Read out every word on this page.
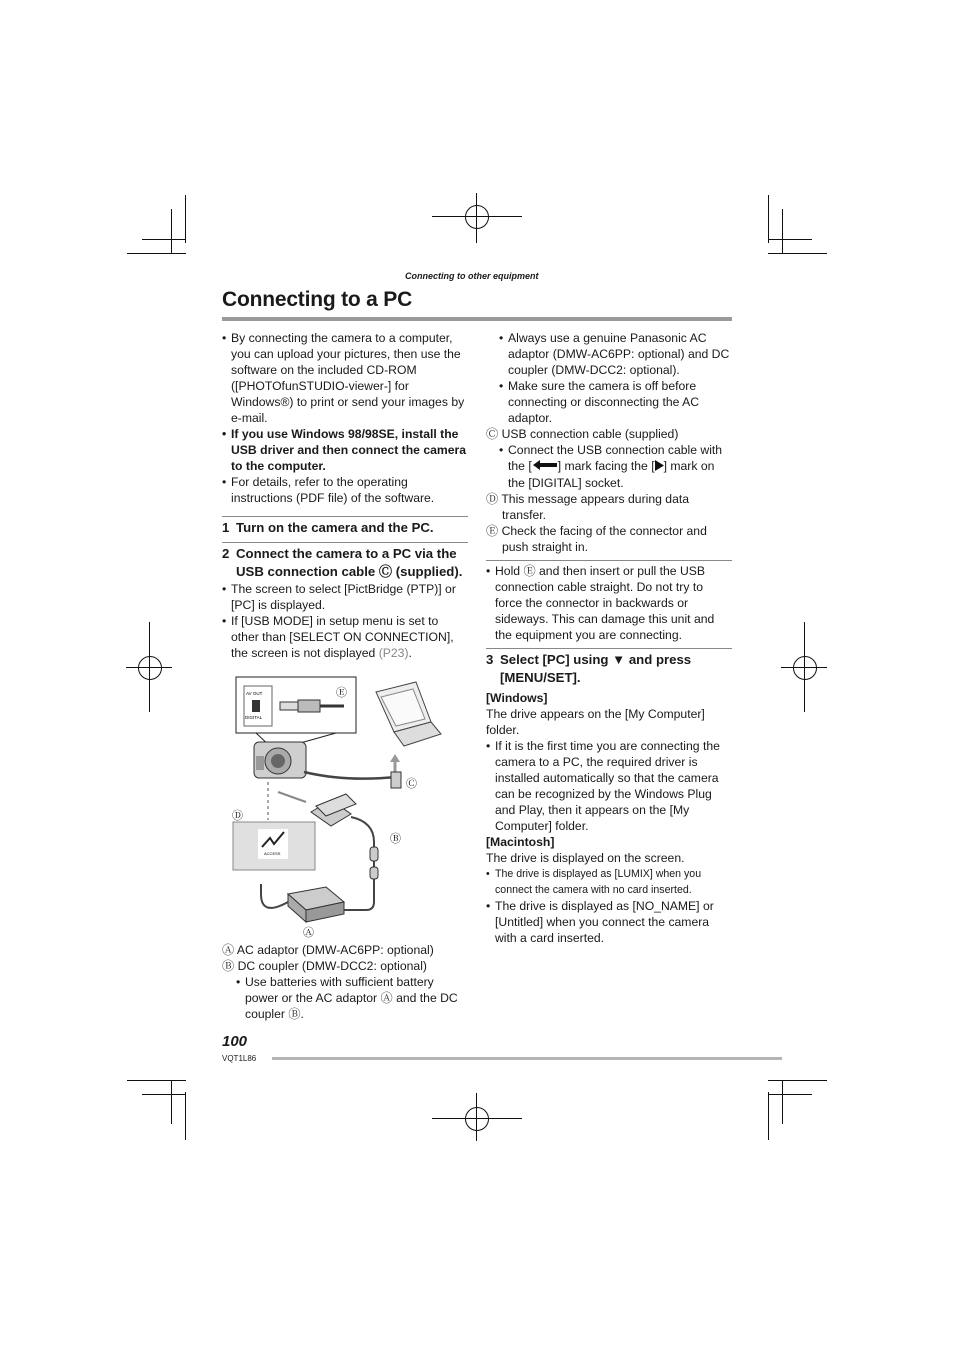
Connecting to other equipment
Connecting to a PC

• By connecting the camera to a computer, you can upload your pictures, then use the software on the included CD-ROM ([PHOTOfunSTUDIO-viewer-] for Windows®) to print or send your images by e-mail.

• If you use Windows 98/98SE, install the USB driver and then connect the camera to the computer.

• For details, refer to the operating instructions (PDF file) of the software.

1 Turn on the camera and the PC.

2 Connect the camera to a PC via the USB connection cable Ⓒ (supplied).

• The screen to select [PictBridge (PTP)] or [PC] is displayed.

• If [USB MODE] in setup menu is set to other than [SELECT ON CONNECTION], the screen is not displayed (P23).

AV OUT
DIGITAL
ACCESS
Ⓔ
Ⓒ
Ⓓ
Ⓑ
Ⓐ

Ⓐ AC adaptor (DMW-AC6PP: optional)

Ⓑ DC coupler (DMW-DCC2: optional)

• Use batteries with sufficient battery power or the AC adaptor Ⓐ and the DC coupler Ⓑ.

• Always use a genuine Panasonic AC adaptor (DMW-AC6PP: optional) and DC coupler (DMW-DCC2: optional).

• Make sure the camera is off before connecting or disconnecting the AC adaptor.

Ⓒ USB connection cable (supplied)

• Connect the USB connection cable with the [ ] mark facing the [ ] mark on the [DIGITAL] socket.

Ⓓ This message appears during data transfer.

Ⓔ Check the facing of the connector and push straight in.

• Hold Ⓔ and then insert or pull the USB connection cable straight. Do not try to force the connector in backwards or sideways. This can damage this unit and the equipment you are connecting.

3 Select [PC] using ▼ and press [MENU/SET].

[Windows]

The drive appears on the [My Computer] folder.

• If it is the first time you are connecting the camera to a PC, the required driver is installed automatically so that the camera can be recognized by the Windows Plug and Play, then it appears on the [My Computer] folder.

[Macintosh]

The drive is displayed on the screen.

• The drive is displayed as [LUMIX] when you connect the camera with no card inserted.

• The drive is displayed as [NO_NAME] or [Untitled] when you connect the camera with a card inserted.

100
VQT1L86
